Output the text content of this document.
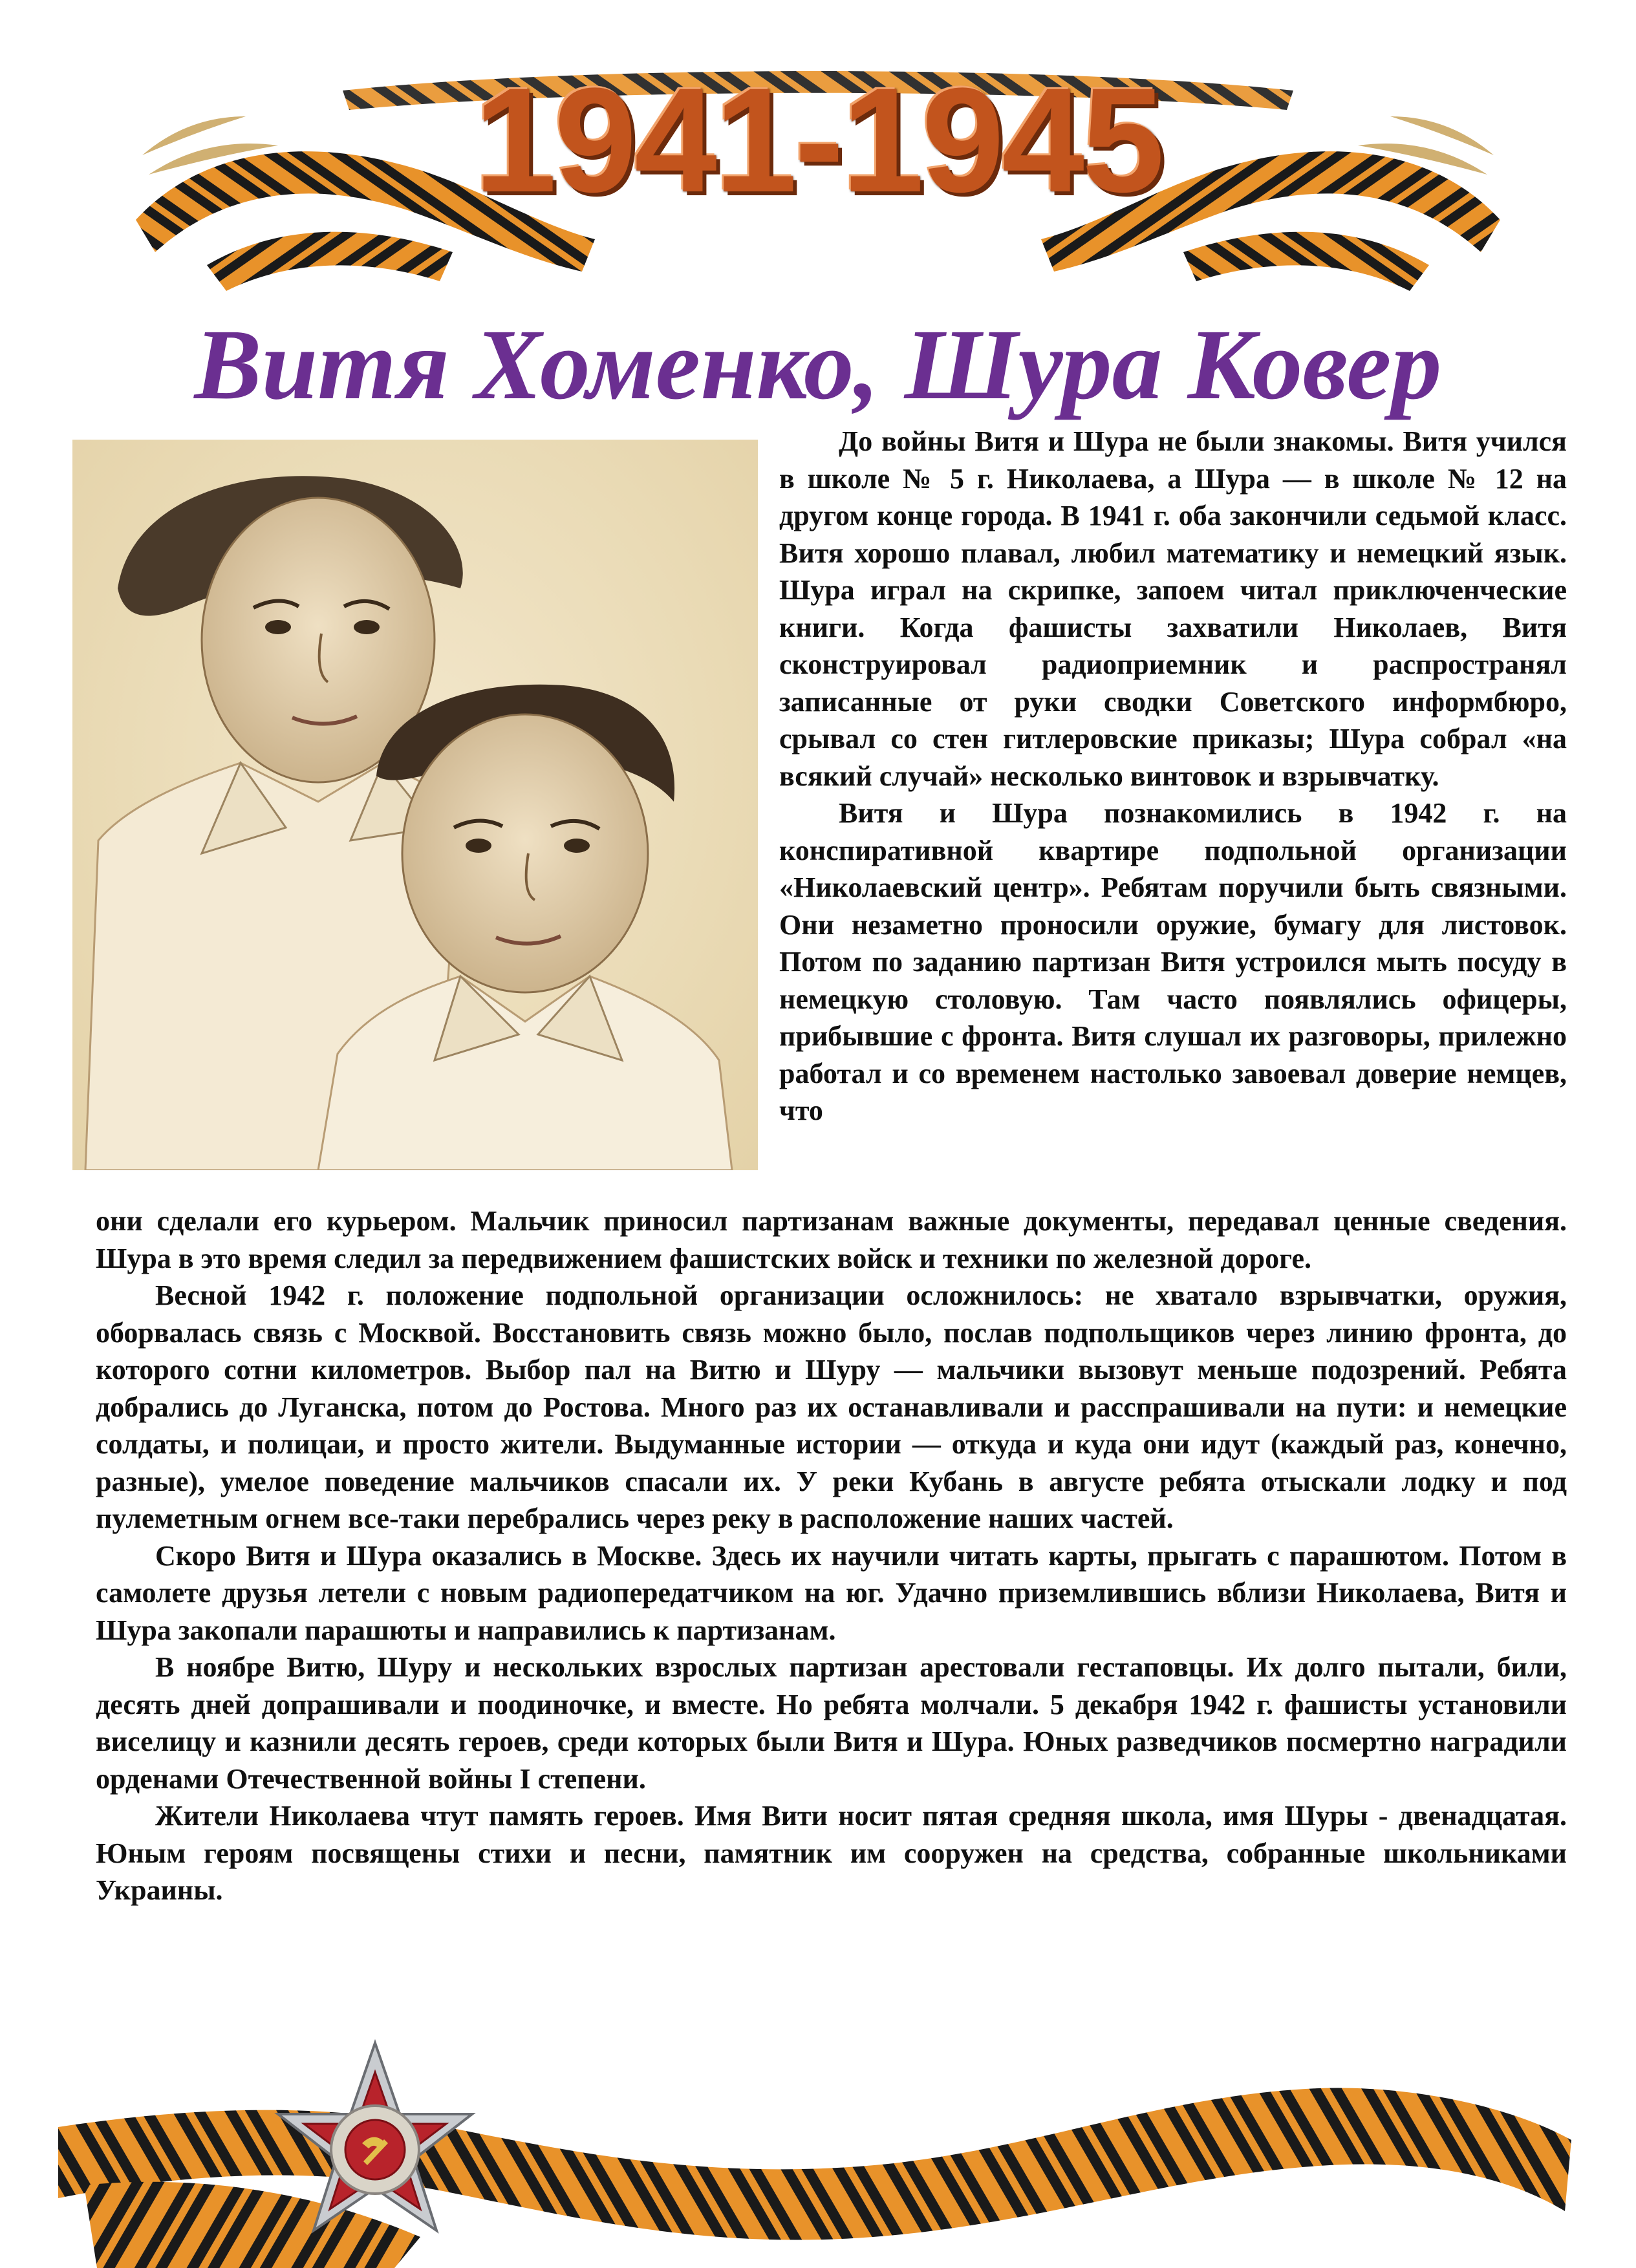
1941-1945
Витя Хоменко, Шура Ковер

До войны Витя и Шура не были знакомы. Витя учился в школе № 5 г. Николаева, а Шура — в школе № 12 на другом конце города. В 1941 г. оба закончили седьмой класс. Витя хорошо плавал, любил математику и немецкий язык. Шура играл на скрипке, запоем читал приключенческие книги. Когда фашисты захватили Николаев, Витя сконструировал радиоприемник и распространял записанные от руки сводки Советского информбюро, срывал со стен гитлеровские приказы; Шура собрал «на всякий случай» несколько винтовок и взрывчатку.

Витя и Шура познакомились в 1942 г. на конспиративной квартире подпольной организации «Николаевский центр». Ребятам поручили быть связными. Они незаметно проносили оружие, бумагу для листовок. Потом по заданию партизан Витя устроился мыть посуду в немецкую столовую. Там часто появлялись офицеры, прибывшие с фронта. Витя слушал их разговоры, прилежно работал и со временем настолько завоевал доверие немцев, что

они сделали его курьером. Мальчик приносил партизанам важные документы, передавал ценные сведения. Шура в это время следил за передвижением фашистских войск и техники по железной дороге.

Весной 1942 г. положение подпольной организации осложнилось: не хватало взрывчатки, оружия, оборвалась связь с Москвой. Восстановить связь можно было, послав подпольщиков через линию фронта, до которого сотни километров. Выбор пал на Витю и Шуру — мальчики вызовут меньше подозрений. Ребята добрались до Луганска, потом до Ростова. Много раз их останавливали и расспрашивали на пути: и немецкие солдаты, и полицаи, и просто жители. Выдуманные истории — откуда и куда они идут (каждый раз, конечно, разные), умелое поведение мальчиков спасали их. У реки Кубань в августе ребята отыскали лодку и под пулеметным огнем все-таки перебрались через реку в расположение наших частей.

Скоро Витя и Шура оказались в Москве. Здесь их научили читать карты, прыгать с парашютом. Потом в самолете друзья летели с новым радиопередатчиком на юг. Удачно приземлившись вблизи Николаева, Витя и Шура закопали парашюты и направились к партизанам.

В ноябре Витю, Шуру и нескольких взрослых партизан арестовали гестаповцы. Их долго пытали, били, десять дней допрашивали и поодиночке, и вместе. Но ребята молчали. 5 декабря 1942 г. фашисты установили виселицу и казнили десять героев, среди которых были Витя и Шура. Юных разведчиков посмертно наградили орденами Отечественной войны I степени.

Жители Николаева чтут память героев. Имя Вити носит пятая средняя школа, имя Шуры - двенадцатая. Юным героям посвящены стихи и песни, памятник им сооружен на средства, собранные школьниками Украины.
